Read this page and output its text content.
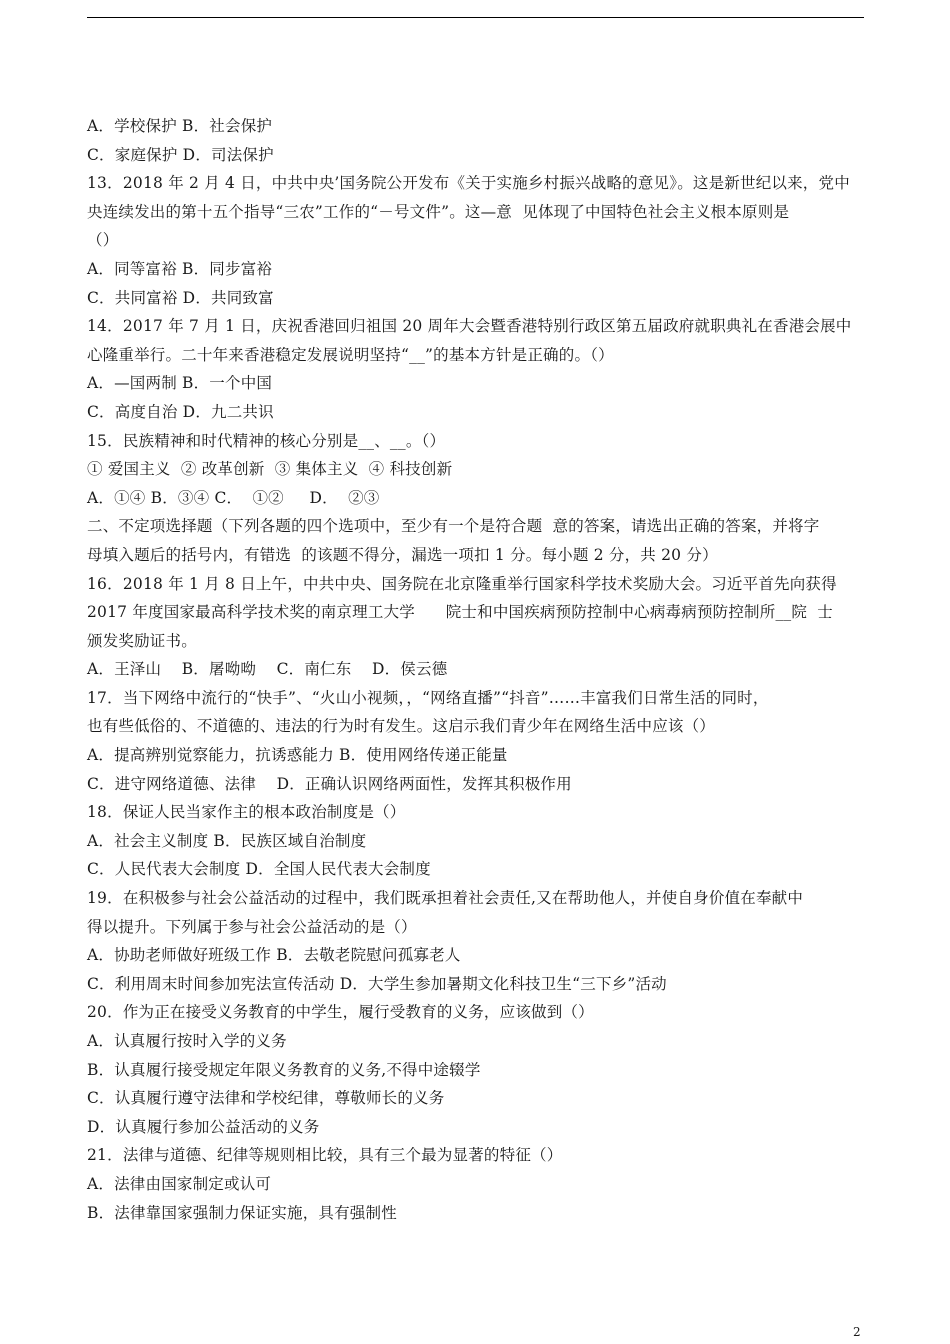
A．学校保护 B．社会保护
C．家庭保护 D．司法保护
13．2018 年 2 月 4 日，中共中央’国务院公开发布《关于实施乡村振兴战略的意见》。这是新世纪以来，党中
央连续发出的第十五个指导“三农”工作的“－号文件”。这—意  见体现了中国特色社会主义根本原则是
（）
A．同等富裕 B．同步富裕
C．共同富裕 D．共同致富
14．2017 年 7 月 1 日，庆祝香港回归祖国 20 周年大会暨香港特别行政区第五届政府就职典礼在香港会展中
心隆重举行。二十年来香港稳定发展说明坚持“__”的基本方针是正确的。（）
A．—国两制 B．一个中国
C．高度自治 D．九二共识
15．民族精神和时代精神的核心分别是__、__。（）
① 爱国主义  ② 改革创新  ③ 集体主义  ④ 科技创新
A．①④ B．③④ C．  ①②     D．  ②③
二、不定项选择题（下列各题的四个选项中，至少有一个是符合题  意的答案，请选出正确的答案，并将字
母填入题后的括号内，有错选  的该题不得分，漏选一项扣 1 分。每小题 2 分，共 20 分）
16．2018 年 1 月 8 日上午，中共中央、国务院在北京隆重举行国家科学技术奖励大会。习近平首先向获得
2017 年度国家最高科学技术奖的南京理工大学      院士和中国疾病预防控制中心病毒病预防控制所__院  士
颁发奖励证书。
A．王泽山    B．屠呦呦    C．南仁东    D．侯云德
17．当下网络中流行的“快手”、“火山小视频，，“网络直播”“抖音”……丰富我们日常生活的同时，
也有些低俗的、不道德的、违法的行为时有发生。这启示我们青少年在网络生活中应该（）
A．提高辨别觉察能力，抗诱惑能力 B．使用网络传递正能量
C．进守网络道德、法律    D．正确认识网络两面性，发挥其积极作用
18．保证人民当家作主的根本政治制度是（）
A．社会主义制度 B．民族区域自治制度
C．人民代表大会制度 D．全国人民代表大会制度
19．在积极参与社会公益活动的过程中，我们既承担着社会责任,又在帮助他人，并使自身价值在奉献中
得以提升。下列属于参与社会公益活动的是（）
A．协助老师做好班级工作 B．去敬老院慰问孤寡老人
C．利用周末时间参加宪法宣传活动 D．大学生参加暑期文化科技卫生“三下乡”活动
20．作为正在接受义务教育的中学生，履行受教育的义务，应该做到（）
A．认真履行按时入学的义务
B．认真履行接受规定年限义务教育的义务,不得中途辍学
C．认真履行遵守法律和学校纪律，尊敬师长的义务
D．认真履行参加公益活动的义务
21．法律与道德、纪律等规则相比较，具有三个最为显著的特征（）
A．法律由国家制定或认可
B．法律靠国家强制力保证实施，具有强制性
2
